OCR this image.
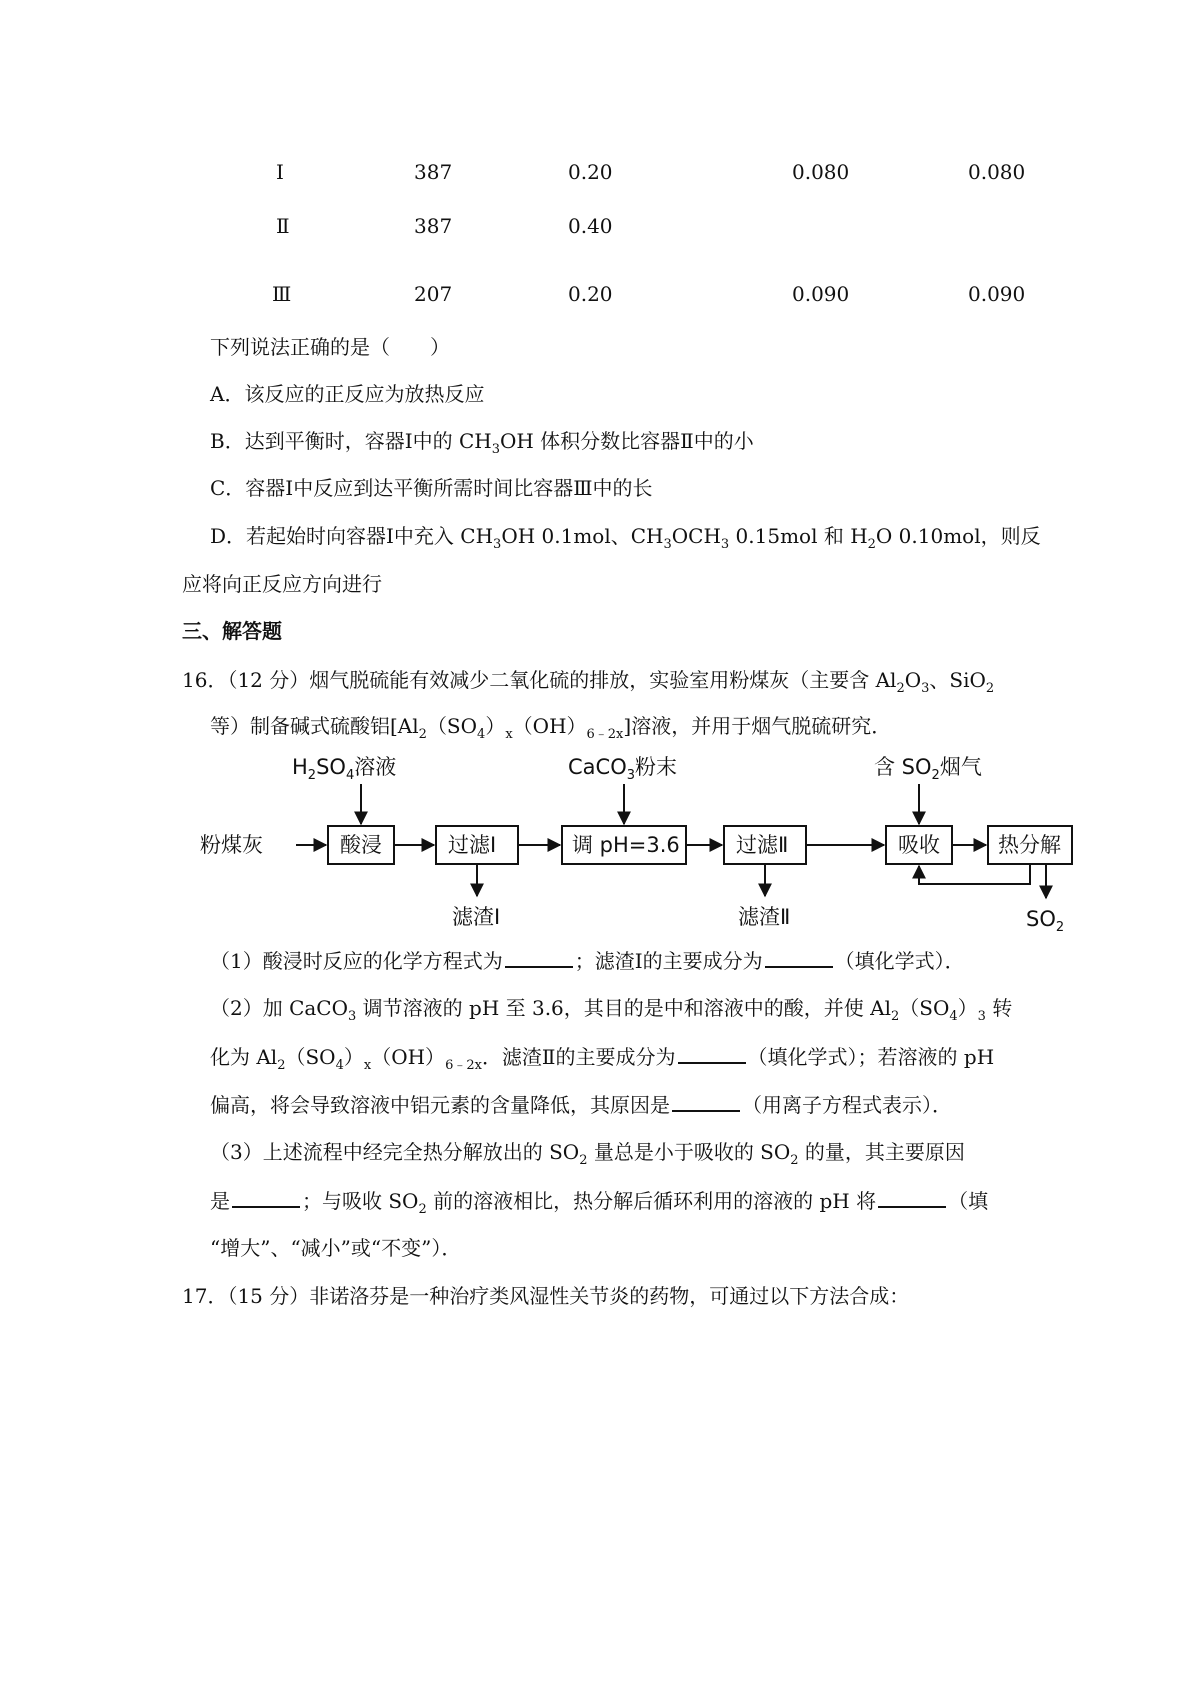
Ⅰ	387	0.20	0.080	0.080
Ⅱ	387	0.40
Ⅲ	207	0.20	0.090	0.090
下列说法正确的是（　　）
A．该反应的正反应为放热反应
B．达到平衡时，容器Ⅰ中的 $CH_3OH$ 体积分数比容器Ⅱ中的小
C．容器Ⅰ中反应到达平衡所需时间比容器Ⅲ中的长
D．若起始时向容器Ⅰ中充入 $CH_3OH$ 0.1mol、$CH_3OCH_3$ 0.15mol 和 $H_2O$ 0.10mol，则反
应将向正反应方向进行
三、解答题
16．（12 分）烟气脱硫能有效减少二氧化硫的排放，实验室用粉煤灰（主要含 $Al_2O_3$、SiO$_2$
等）制备碱式硫酸铝$[Al_2(SO_4)_x(OH)_{6﹣2x}]$溶液，并用于烟气脱硫研究．
粉煤灰	酸浸	过滤Ⅰ	调 pH=3.6	过滤Ⅱ	吸收	热分解
$H_2SO_4$溶液	CaCO$_3$粉末	含 $SO_2$烟气
滤渣Ⅰ	滤渣Ⅱ	$SO_2$
（1）酸浸时反应的化学方程式为	；滤渣Ⅰ的主要成分为	（填化学式）．
（2）加 CaCO$_3$ 调节溶液的 pH 至 3.6，其目的是中和溶液中的酸，并使 $Al_2(SO_4)_3$ 转
化为 $Al_2(SO_4)_x(OH)_{6﹣2x}$．滤渣Ⅱ的主要成分为	（填化学式）；若溶液的 pH
偏高，将会导致溶液中铝元素的含量降低，其原因是	（用离子方程式表示）．
（3）上述流程中经完全热分解放出的 $SO_2$ 量总是小于吸收的 $SO_2$ 的量，其主要原因
是	；与吸收 $SO_2$ 前的溶液相比，热分解后循环利用的溶液的 pH 将	（填
“增大”、“减小”或“不变”）．
17．（15 分）非诺洛芬是一种治疗类风湿性关节炎的药物，可通过以下方法合成：
